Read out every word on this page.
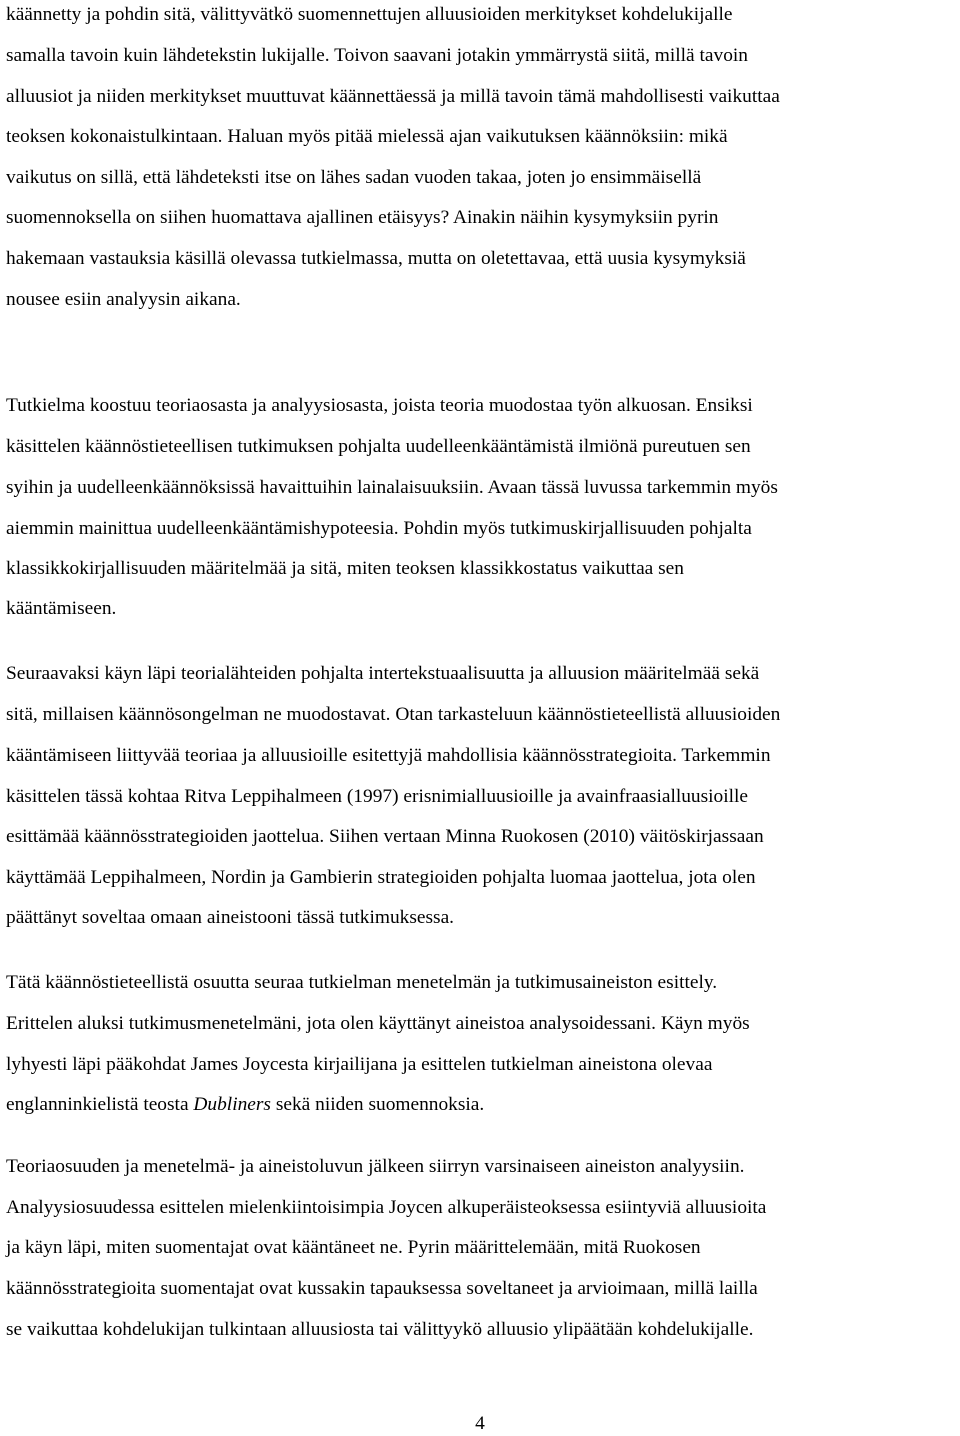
käännetty ja pohdin sitä, välittyvätkö suomennettujen alluusioiden merkitykset kohdelukijalle
samalla tavoin kuin lähdetekstin lukijalle. Toivon saavani jotakin ymmärrystä siitä, millä tavoin
alluusiot ja niiden merkitykset muuttuvat käännettäessä ja millä tavoin tämä mahdollisesti vaikuttaa
teoksen kokonaistulkintaan. Haluan myös pitää mielessä ajan vaikutuksen käännöksiin: mikä
vaikutus on sillä, että lähdeteksti itse on lähes sadan vuoden takaa, joten jo ensimmäisellä
suomennoksella on siihen huomattava ajallinen etäisyys? Ainakin näihin kysymyksiin pyrin
hakemaan vastauksia käsillä olevassa tutkielmassa, mutta on oletettavaa, että uusia kysymyksiä
nousee esiin analyysin aikana.
Tutkielma koostuu teoriaosasta ja analyysiosasta, joista teoria muodostaa työn alkuosan. Ensiksi
käsittelen käännöstieteellisen tutkimuksen pohjalta uudelleenkääntämistä ilmiönä pureutuen sen
syihin ja uudelleenkäännöksissä havaittuihin lainalaisuuksiin. Avaan tässä luvussa tarkemmin myös
aiemmin mainittua uudelleenkääntämishypoteesia. Pohdin myös tutkimuskirjallisuuden pohjalta
klassikkokirjallisuuden määritelmää ja sitä, miten teoksen klassikkostatus vaikuttaa sen
kääntämiseen.
Seuraavaksi käyn läpi teorialähteiden pohjalta intertekstuaalisuutta ja alluusion määritelmää sekä
sitä, millaisen käännösongelman ne muodostavat. Otan tarkasteluun käännöstieteellistä alluusioiden
kääntämiseen liittyvää teoriaa ja alluusioille esitettyjä mahdollisia käännösstrategioita. Tarkemmin
käsittelen tässä kohtaa Ritva Leppihalmeen (1997) erisnimialluusioille ja avainfraasialluusioille
esittämää käännösstrategioiden jaottelua. Siihen vertaan Minna Ruokosen (2010) väitöskirjassaan
käyttämää Leppihalmeen, Nordin ja Gambierin strategioiden pohjalta luomaa jaottelua, jota olen
päättänyt soveltaa omaan aineistooni tässä tutkimuksessa.
Tätä käännöstieteellistä osuutta seuraa tutkielman menetelmän ja tutkimusaineiston esittely.
Erittelen aluksi tutkimusmenetelmäni, jota olen käyttänyt aineistoa analysoidessani. Käyn myös
lyhyesti läpi pääkohdat James Joycesta kirjailijana ja esittelen tutkielman aineistona olevaa
englanninkielistä teosta Dubliners sekä niiden suomennoksia.
Teoriaosuuden ja menetelmä- ja aineistoluvun jälkeen siirryn varsinaiseen aineiston analyysiin.
Analyysiosuudessa esittelen mielenkiintoisimpia Joycen alkuperäisteoksessa esiintyviä alluusioita
ja käyn läpi, miten suomentajat ovat kääntäneet ne. Pyrin määrittelemään, mitä Ruokosen
käännösstrategioita suomentajat ovat kussakin tapauksessa soveltaneet ja arvioimaan, millä lailla
se vaikuttaa kohdelukijan tulkintaan alluusiosta tai välittyykö alluusio ylipäätään kohdelukijalle.
4
